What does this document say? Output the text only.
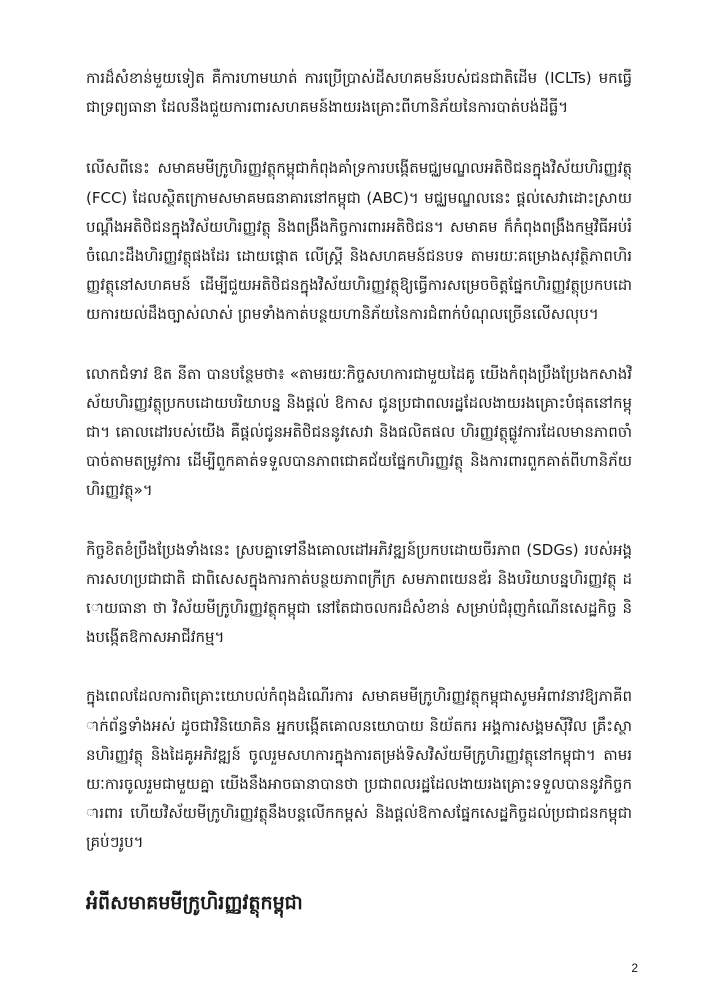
ការដ៏សំខាន់មួយទៀត គឺការហាមឃាត់ ការប្រើប្រាស់ដីសហគមន៍របស់ជនជាតិដើម (ICLTs) មកធ្វើជាទ្រព្យធានា ដែលនឹងជួយការពារសហគមន៍ងាយរងគ្រោះពីហានិភ័យនៃការបាត់បង់ដីធ្លី។

លើសពីនេះ សមាគមមីក្រូហិរញ្ញវត្ថុកម្ពុជាកំពុងគាំទ្រការបង្កើតមជ្ឈមណ្ឌលអតិថិជនក្នុងវិស័យហិរញ្ញវត្ថុ (FCC) ដែលស្ថិតក្រោមសមាគមធនាគារនៅកម្ពុជា (ABC)។ មជ្ឈមណ្ឌលនេះ ផ្តល់សេវាដោះស្រាយបណ្តឹងអតិថិជនក្នុងវិស័យហិរញ្ញវត្ថុ និងពង្រឹងកិច្ចការពារអតិថិជន។ សមាគម ក៏កំពុងពង្រឹងកម្មវិធីអប់រំចំណេះដឹងហិរញ្ញវត្ថុផងដែរ ដោយផ្តោត លើស្ត្រី និងសហគមន៍ជនបទ តាមរយៈគម្រោងសុវត្ថិភាពហិរញ្ញវត្ថុនៅសហគមន៍ ដើម្បីជួយអតិថិជនក្នុងវិស័យហិរញ្ញវត្ថុឱ្យធ្វើការសម្រេចចិត្តផ្នែកហិរញ្ញវត្ថុប្រកបដោយការយល់ដឹងច្បាស់លាស់ ព្រមទាំងកាត់បន្ថយហានិភ័យនៃការជំពាក់បំណុលច្រើនលើសលុប។

លោកជំទាវ ឱត នីតា បានបន្ថែមថា៖ «តាមរយៈកិច្ចសហការជាមួយដៃគូ យើងកំពុងប្រឹងប្រែងកសាងវិស័យហិរញ្ញវត្ថុប្រកបដោយបរិយាបន្ន និងផ្តល់ ឱកាស ជូនប្រជាពលរដ្ឋដែលងាយរងគ្រោះបំផុតនៅកម្ពុជា។ គោលដៅរបស់យើង គឺផ្តល់ជូនអតិថិជននូវសេវា និងផលិតផល ហិរញ្ញវត្ថុផ្លូវការដែលមានភាពចាំបាច់តាមតម្រូវការ ដើម្បីពួកគាត់ទទួលបានភាពជោគជ័យផ្នែកហិរញ្ញវត្ថុ និងការពារពួកគាត់ពីហានិភ័យហិរញ្ញវត្ថុ»។

កិច្ចខិតខំប្រឹងប្រែងទាំងនេះ ស្របគ្នាទៅនឹងគោលដៅអភិវឌ្ឍន៍ប្រកបដោយចីរភាព (SDGs) របស់អង្គការសហប្រជាជាតិ ជាពិសេសក្នុងការកាត់បន្ថយភាពក្រីក្រ សមភាពយេនឌ័រ និងបរិយាបន្នហិរញ្ញវត្ថុ ដោយធានា ថា វិស័យមីក្រូហិរញ្ញវត្ថុកម្ពុជា នៅតែជាចលករដ៏សំខាន់ សម្រាប់ជំរុញកំណើនសេដ្ឋកិច្ច និងបង្កើតឱកាសអាជីវកម្ម។

ក្នុងពេលដែលការពិគ្រោះយោបល់កំពុងដំណើរការ សមាគមមីក្រូហិរញ្ញវត្ថុកម្ពុជាសូមអំពាវនាវឱ្យភាគីពាក់ព័ន្ធទាំងអស់ ដូចជាវិនិយោគិន អ្នកបង្កើតគោលនយោបាយ និយ័តករ អង្គការសង្គមស៊ីវិល គ្រឹះស្ថានហិរញ្ញវត្ថុ និងដៃគូអភិវឌ្ឍន៍ ចូលរួមសហការក្នុងការតម្រង់ទិសវិស័យមីក្រូហិរញ្ញវត្ថុនៅកម្ពុជា។ តាមរយៈការចូលរួមជាមួយគ្នា យើងនឹងអាចធានាបានថា ប្រជាពលរដ្ឋដែលងាយរងគ្រោះទទួលបាននូវកិច្ចការពារ ហើយវិស័យមីក្រូហិរញ្ញវត្ថុនឹងបន្តលើកកម្ពស់ និងផ្តល់ឱកាសផ្នែកសេដ្ឋកិច្ចដល់ប្រជាជនកម្ពុជាគ្រប់ៗរូប។

អំពីសមាគមមីក្រូហិរញ្ញវត្ថុកម្ពុជា
2
